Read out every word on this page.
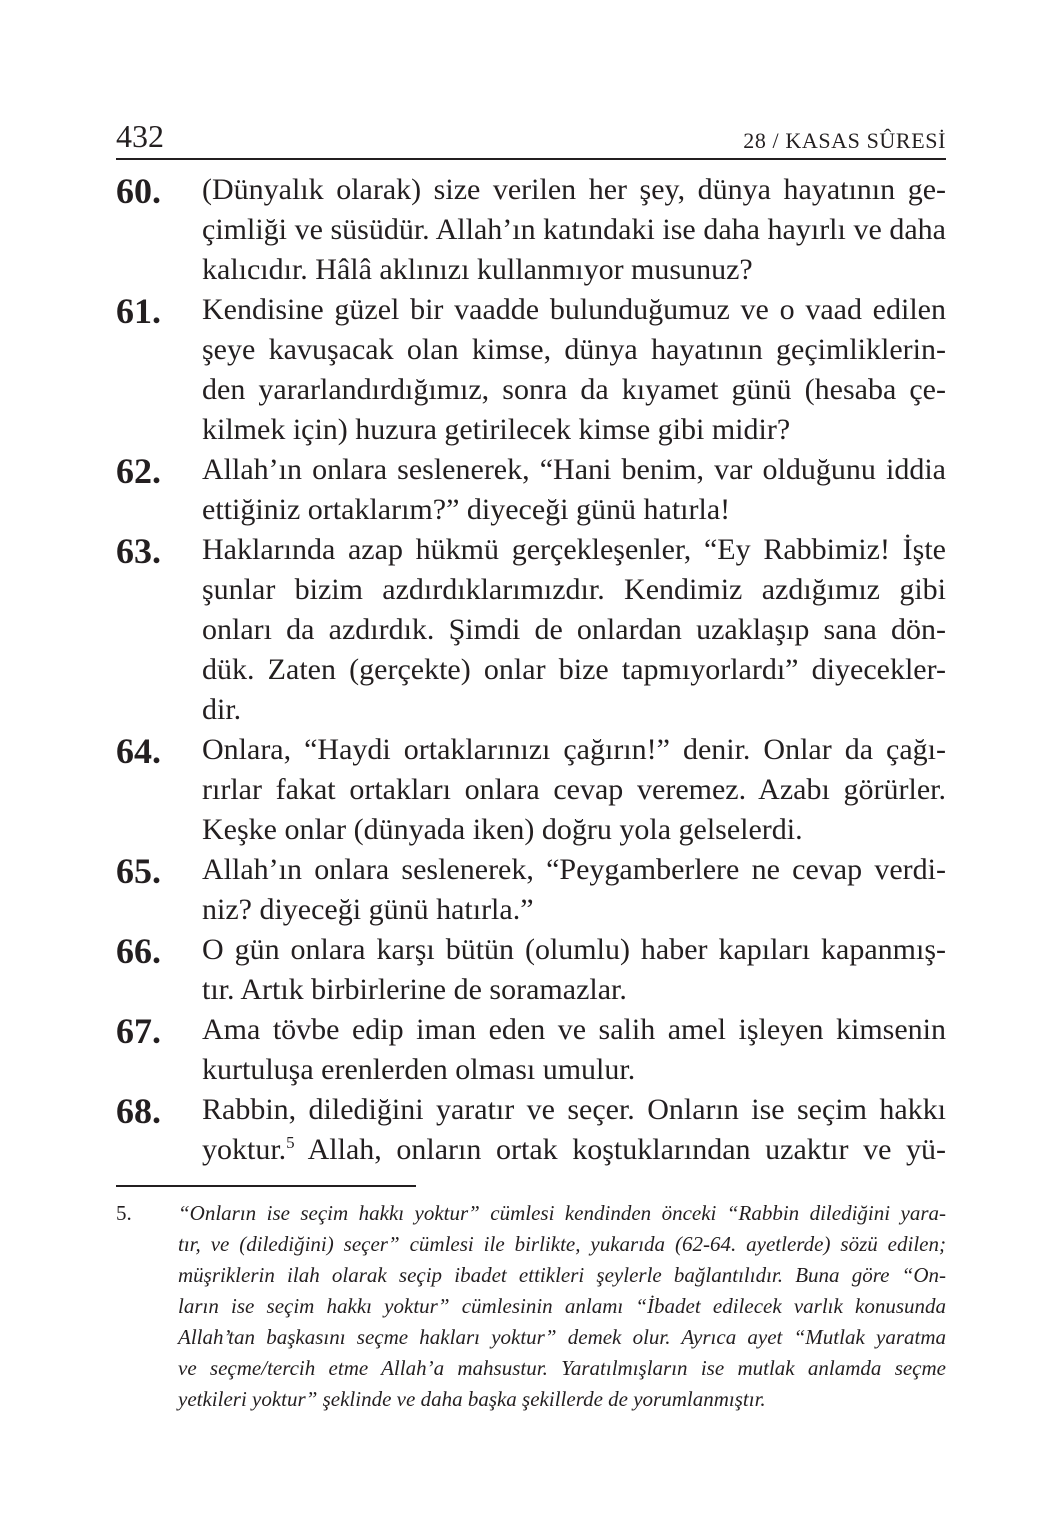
432	28 / KASAS SÛRESİ
60. (Dünyalık olarak) size verilen her şey, dünya hayatının ge-
çimliği ve süsüdür. Allah’ın katındaki ise daha hayırlı ve daha
kalıcıdır. Hâlâ aklınızı kullanmıyor musunuz?
61. Kendisine güzel bir vaadde bulunduğumuz ve o vaad edilen
şeye kavuşacak olan kimse, dünya hayatının geçimliklerin-
den yararlandırdığımız, sonra da kıyamet günü (hesaba çe-
kilmek için) huzura getirilecek kimse gibi midir?
62. Allah’ın onlara seslenerek, “Hani benim, var olduğunu iddia
ettiğiniz ortaklarım?” diyeceği günü hatırla!
63. Haklarında azap hükmü gerçekleşenler, “Ey Rabbimiz! İşte
şunlar bizim azdırdıklarımızdır. Kendimiz azdığımız gibi
onları da azdırdık. Şimdi de onlardan uzaklaşıp sana dön-
dük. Zaten (gerçekte) onlar bize tapmıyorlardı” diyecekler-
dir.
64. Onlara, “Haydi ortaklarınızı çağırın!” denir. Onlar da çağı-
rırlar fakat ortakları onlara cevap veremez. Azabı görürler.
Keşke onlar (dünyada iken) doğru yola gelselerdi.
65. Allah’ın onlara seslenerek, “Peygamberlere ne cevap verdi-
niz? diyeceği günü hatırla.”
66. O gün onlara karşı bütün (olumlu) haber kapıları kapanmış-
tır. Artık birbirlerine de soramazlar.
67. Ama tövbe edip iman eden ve salih amel işleyen kimsenin
kurtuluşa erenlerden olması umulur.
68. Rabbin, dilediğini yaratır ve seçer. Onların ise seçim hakkı
yoktur.$^5$ Allah, onların ortak koştuklarından uzaktır ve yü-
5. “Onların ise seçim hakkı yoktur” cümlesi kendinden önceki “Rabbin dilediğini yara-
tır, ve (dilediğini) seçer” cümlesi ile birlikte, yukarıda (62-64. ayetlerde) sözü edilen;
müşriklerin ilah olarak seçip ibadet ettikleri şeylerle bağlantılıdır. Buna göre “On-
ların ise seçim hakkı yoktur” cümlesinin anlamı “İbadet edilecek varlık konusunda
Allah’tan başkasını seçme hakları yoktur” demek olur. Ayrıca ayet “Mutlak yaratma
ve seçme/tercih etme Allah’a mahsustur. Yaratılmışların ise mutlak anlamda seçme
yetkileri yoktur” şeklinde ve daha başka şekillerde de yorumlanmıştır.
